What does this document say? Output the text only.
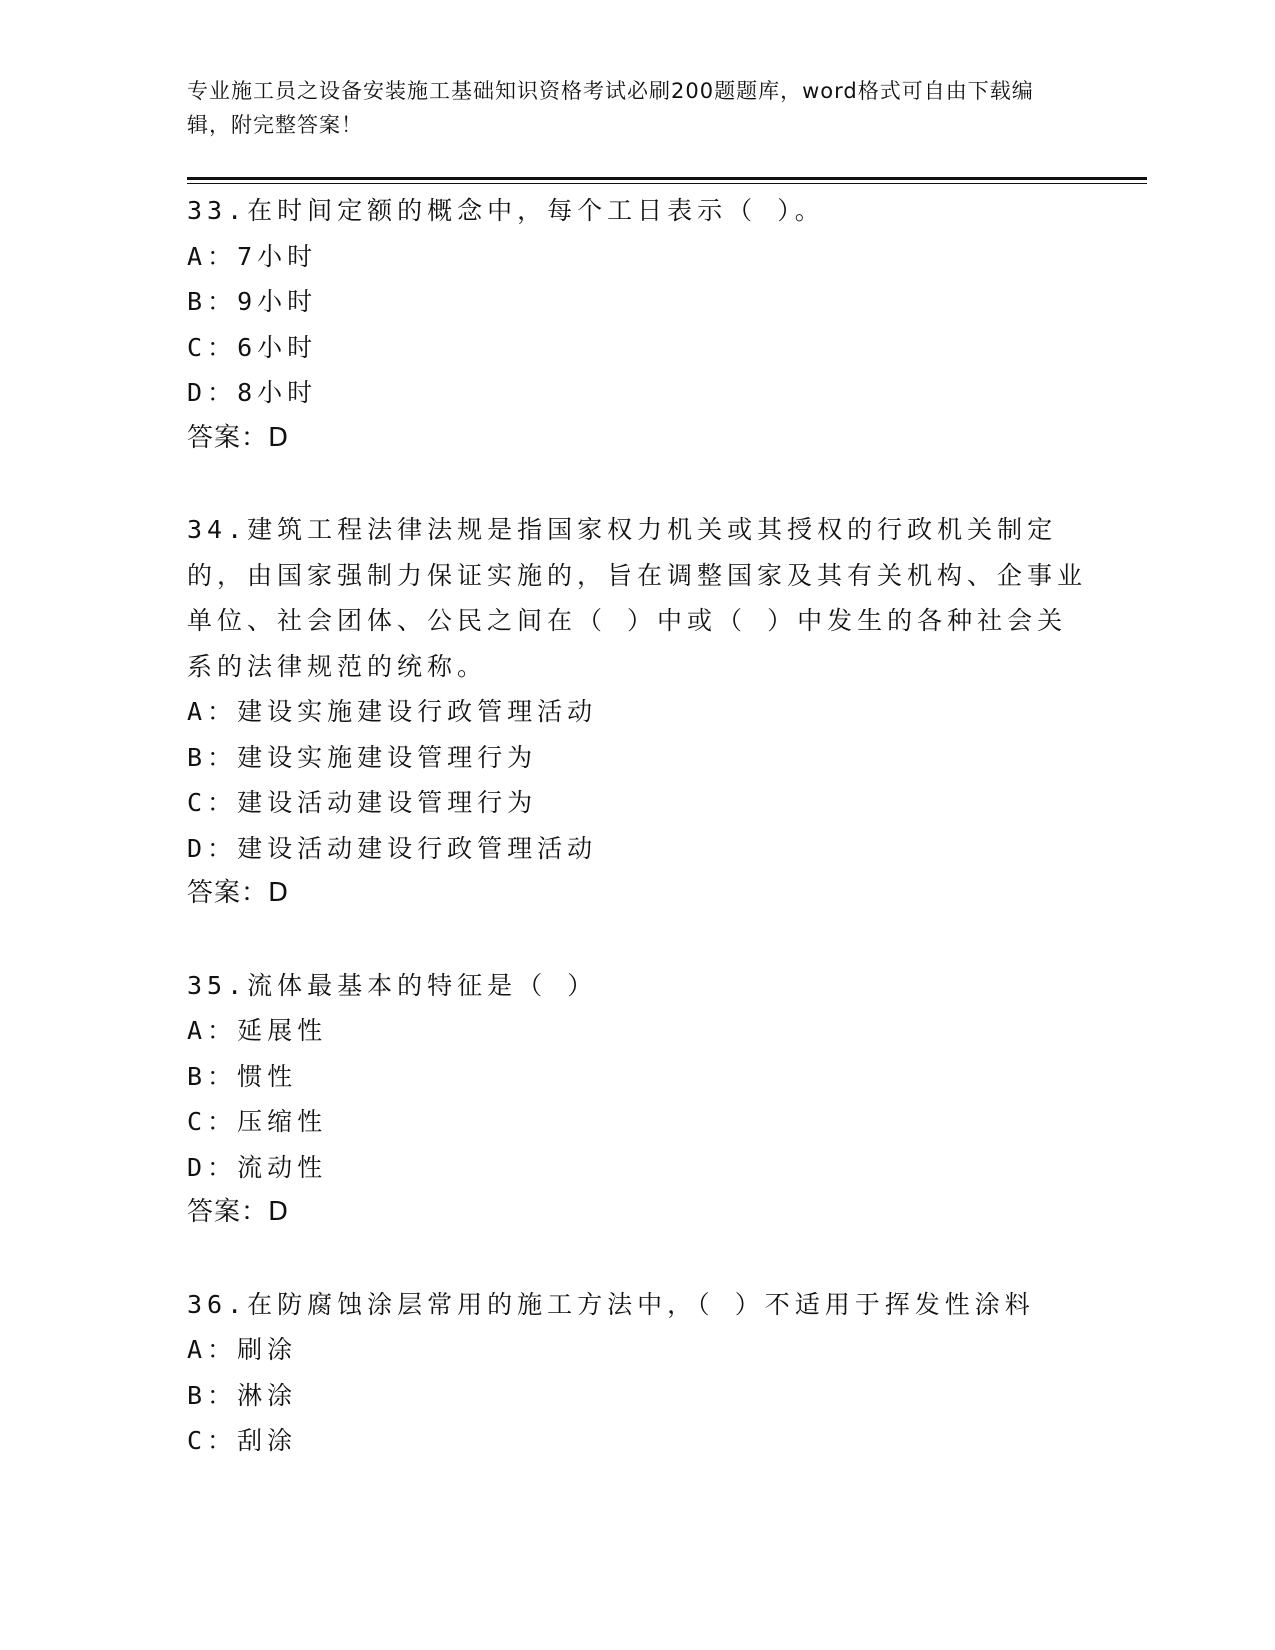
专业施工员之设备安装施工基础知识资格考试必刷200题题库，word格式可自由下载编辑，附完整答案！

33.在时间定额的概念中，每个工日表示（ ）。

A：7小时

B：9小时

C：6小时

D：8小时

答案：D

34.建筑工程法律法规是指国家权力机关或其授权的行政机关制定的，由国家强制力保证实施的，旨在调整国家及其有关机构、企事业单位、社会团体、公民之间在（ ）中或（ ）中发生的各种社会关系的法律规范的统称。

A：建设实施建设行政管理活动

B：建设实施建设管理行为

C：建设活动建设管理行为

D：建设活动建设行政管理活动

答案：D

35.流体最基本的特征是（ ）

A：延展性

B：惯性

C：压缩性

D：流动性

答案：D

36.在防腐蚀涂层常用的施工方法中，（ ）不适用于挥发性涂料

A：刷涂

B：淋涂

C：刮涂
